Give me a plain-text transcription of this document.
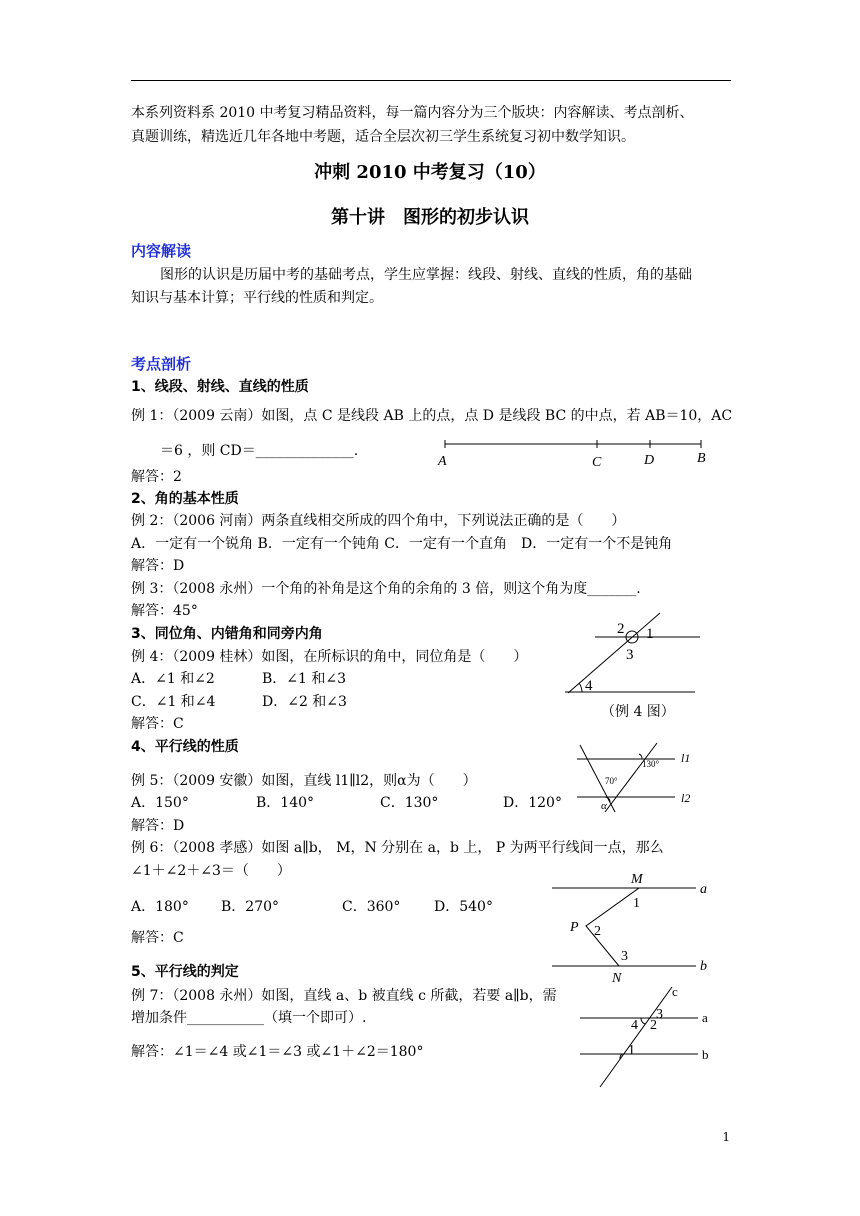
本系列资料系 2010 中考复习精品资料，每一篇内容分为三个版块：内容解读、考点剖析、
真题训练，精选近几年各地中考题，适合全层次初三学生系统复习初中数学知识。
冲刺 2010 中考复习（10）
第十讲　图形的初步认识
内容解读
图形的认识是历届中考的基础考点，学生应掌握：线段、射线、直线的性质，角的基础
知识与基本计算；平行线的性质和判定。
考点剖析
1、线段、射线、直线的性质
例 1：（2009 云南）如图，点 C 是线段 AB 上的点，点 D 是线段 BC 的中点，若 AB＝10，AC
＝6 ，则 CD＝______________.
A	C	D	B
解答：2
2、角的基本性质
例 2：（2006 河南）两条直线相交所成的四个角中，下列说法正确的是（　　）
A．一定有一个锐角 B．一定有一个钝角 C．一定有一个直角　D．一定有一个不是钝角
解答：D
例 3：（2008 永州）一个角的补角是这个角的余角的 3 倍，则这个角为度_______.
解答：45°
3、同位角、内错角和同旁内角
例 4：（2009 桂林）如图，在所标识的角中，同位角是（　　）
A．∠1 和∠2	B．∠1 和∠3
C．∠1 和∠4	D．∠2 和∠3
解答：C
2 1
3
4
（例 4 图）
4、平行线的性质
例 5：（2009 安徽）如图，直线 l1∥l2，则α为（　　）
A．150°	B．140°	C．130°	D．120°
解答：D
l1
l2
130°
70°
α
例 6：（2008 孝感）如图 a∥b， M，N 分别在 a，b 上， P 为两平行线间一点，那么
∠1＋∠2＋∠3＝（　　）
A．180° B．270°	C．360° D．540°
解答：C
M
a
1
P 2
3
b
N
5、平行线的判定
例 7：（2008 永州）如图，直线 a、b 被直线 c 所截，若要 a∥b，需
增加条件___________（填一个即可）.
解答：∠1＝∠4 或∠1＝∠3 或∠1＋∠2＝180°
c
a
b
4 2
3
1
1
